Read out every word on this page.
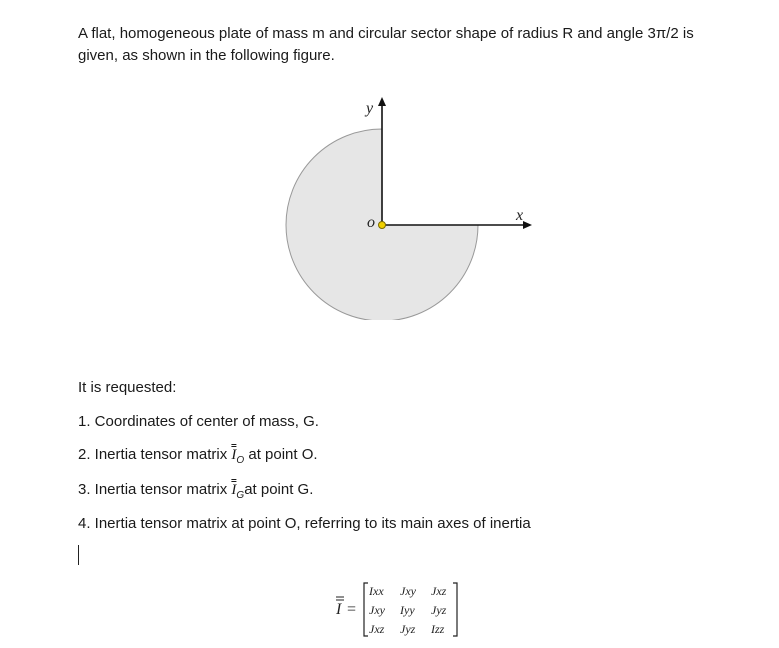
A flat, homogeneous plate of mass m and circular sector shape of radius R and angle 3π/2 is given, as shown in the following figure.
y
x
o
It is requested:
1. Coordinates of center of mass, G.
2. Inertia tensor matrix $I_O$ at point O.
3. Inertia tensor matrix $I_Gat$ point G.
4. Inertia tensor matrix at point O, referring to its main axes of inertia
I =
Ixx Jxy Jxz
Jxy Iyy Jyz
Jxz Jyz Izz
